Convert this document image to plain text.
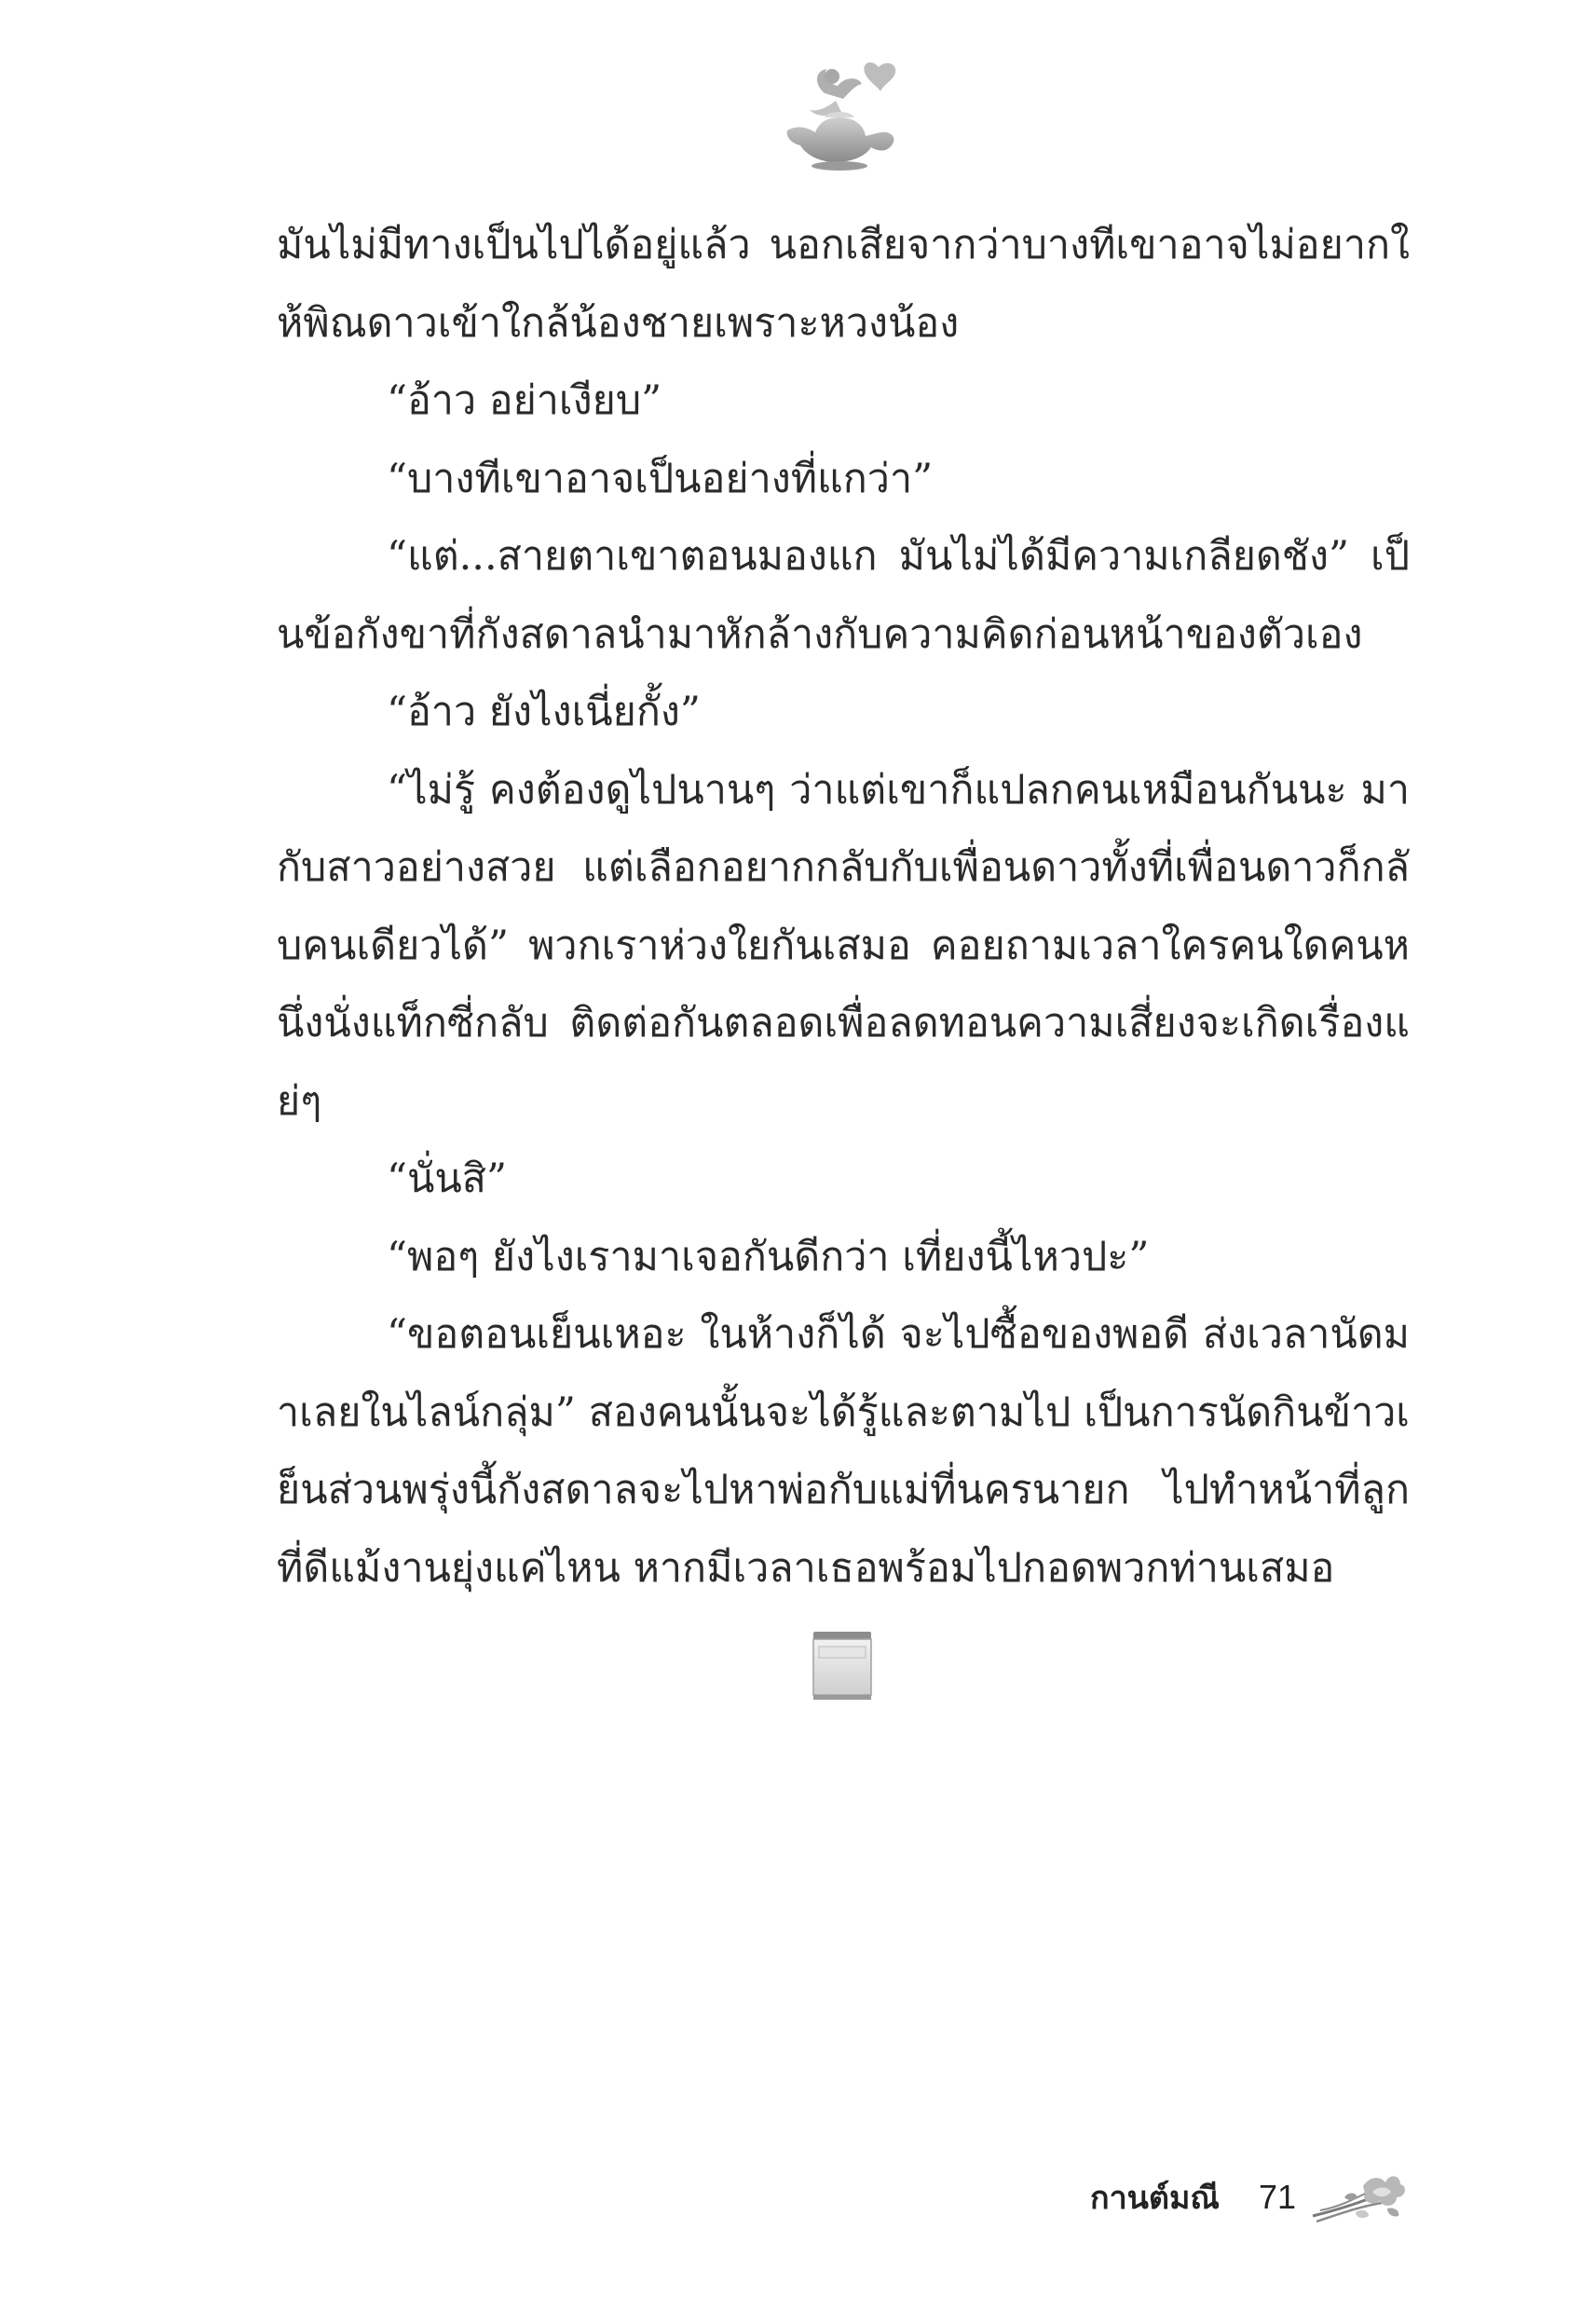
มันไม่มีทางเป็นไปได้อยู่แล้ว นอกเสียจากว่าบางทีเขาอาจไม่อยากให้พิณดาวเข้าใกล้น้องชายเพราะหวงน้อง

“อ้าว อย่าเงียบ”

“บางทีเขาอาจเป็นอย่างที่แกว่า”

“แต่...สายตาเขาตอนมองแก มันไม่ได้มีความเกลียดชัง” เป็นข้อกังขาที่กังสดาลนำมาหักล้างกับความคิดก่อนหน้าของตัวเอง

“อ้าว ยังไงเนี่ยกั้ง”

“ไม่รู้ คงต้องดูไปนานๆ ว่าแต่เขาก็แปลกคนเหมือนกันนะ มากับสาวอย่างสวย แต่เลือกอยากกลับกับเพื่อนดาวทั้งที่เพื่อนดาวก็กลับคนเดียวได้” พวกเราห่วงใยกันเสมอ คอยถามเวลาใครคนใดคนหนึ่งนั่งแท็กซี่กลับ ติดต่อกันตลอดเพื่อลดทอนความเสี่ยงจะเกิดเรื่องแย่ๆ

“นั่นสิ”

“พอๆ ยังไงเรามาเจอกันดีกว่า เที่ยงนี้ไหวปะ”

“ขอตอนเย็นเหอะ ในห้างก็ได้ จะไปซื้อของพอดี ส่งเวลานัดมาเลยในไลน์กลุ่ม” สองคนนั้นจะได้รู้และตามไป เป็นการนัดกินข้าวเย็นส่วนพรุ่งนี้กังสดาลจะไปหาพ่อกับแม่ที่นครนายก ไปทำหน้าที่ลูกที่ดีแม้งานยุ่งแค่ไหน หากมีเวลาเธอพร้อมไปกอดพวกท่านเสมอ

กานต์มณี 71
